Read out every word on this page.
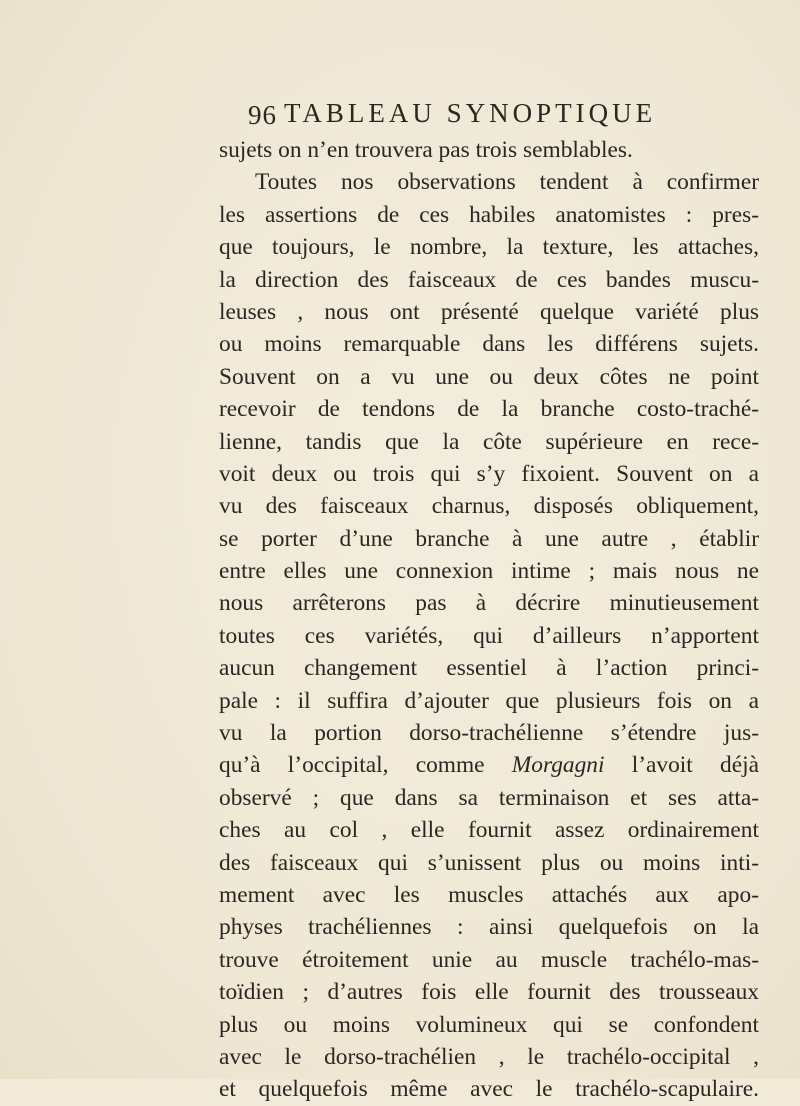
96 TABLEAU SYNOPTIQUE
sujets on n’en trouvera pas trois semblables.
Toutes nos observations tendent à confirmer
les assertions de ces habiles anatomistes : pres-
que toujours, le nombre, la texture, les attaches,
la direction des faisceaux de ces bandes muscu-
leuses , nous ont présenté quelque variété plus
ou moins remarquable dans les différens sujets.
Souvent on a vu une ou deux côtes ne point
recevoir de tendons de la branche costo-traché-
lienne, tandis que la côte supérieure en rece-
voit deux ou trois qui s’y fixoient. Souvent on a
vu des faisceaux charnus, disposés obliquement,
se porter d’une branche à une autre , établir
entre elles une connexion intime ; mais nous ne
nous arrêterons pas à décrire minutieusement
toutes ces variétés, qui d’ailleurs n’apportent
aucun changement essentiel à l’action princi-
pale : il suffira d’ajouter que plusieurs fois on a
vu la portion dorso-trachélienne s’étendre jus-
qu’à l’occipital, comme Morgagni l’avoit déjà
observé ; que dans sa terminaison et ses atta-
ches au col , elle fournit assez ordinairement
des faisceaux qui s’unissent plus ou moins inti-
mement avec les muscles attachés aux apo-
physes trachéliennes : ainsi quelquefois on la
trouve étroitement unie au muscle trachélo-mas-
toïdien ; d’autres fois elle fournit des trousseaux
plus ou moins volumineux qui se confondent
avec le dorso-trachélien , le trachélo-occipital ,
et quelquefois même avec le trachélo-scapulaire.
